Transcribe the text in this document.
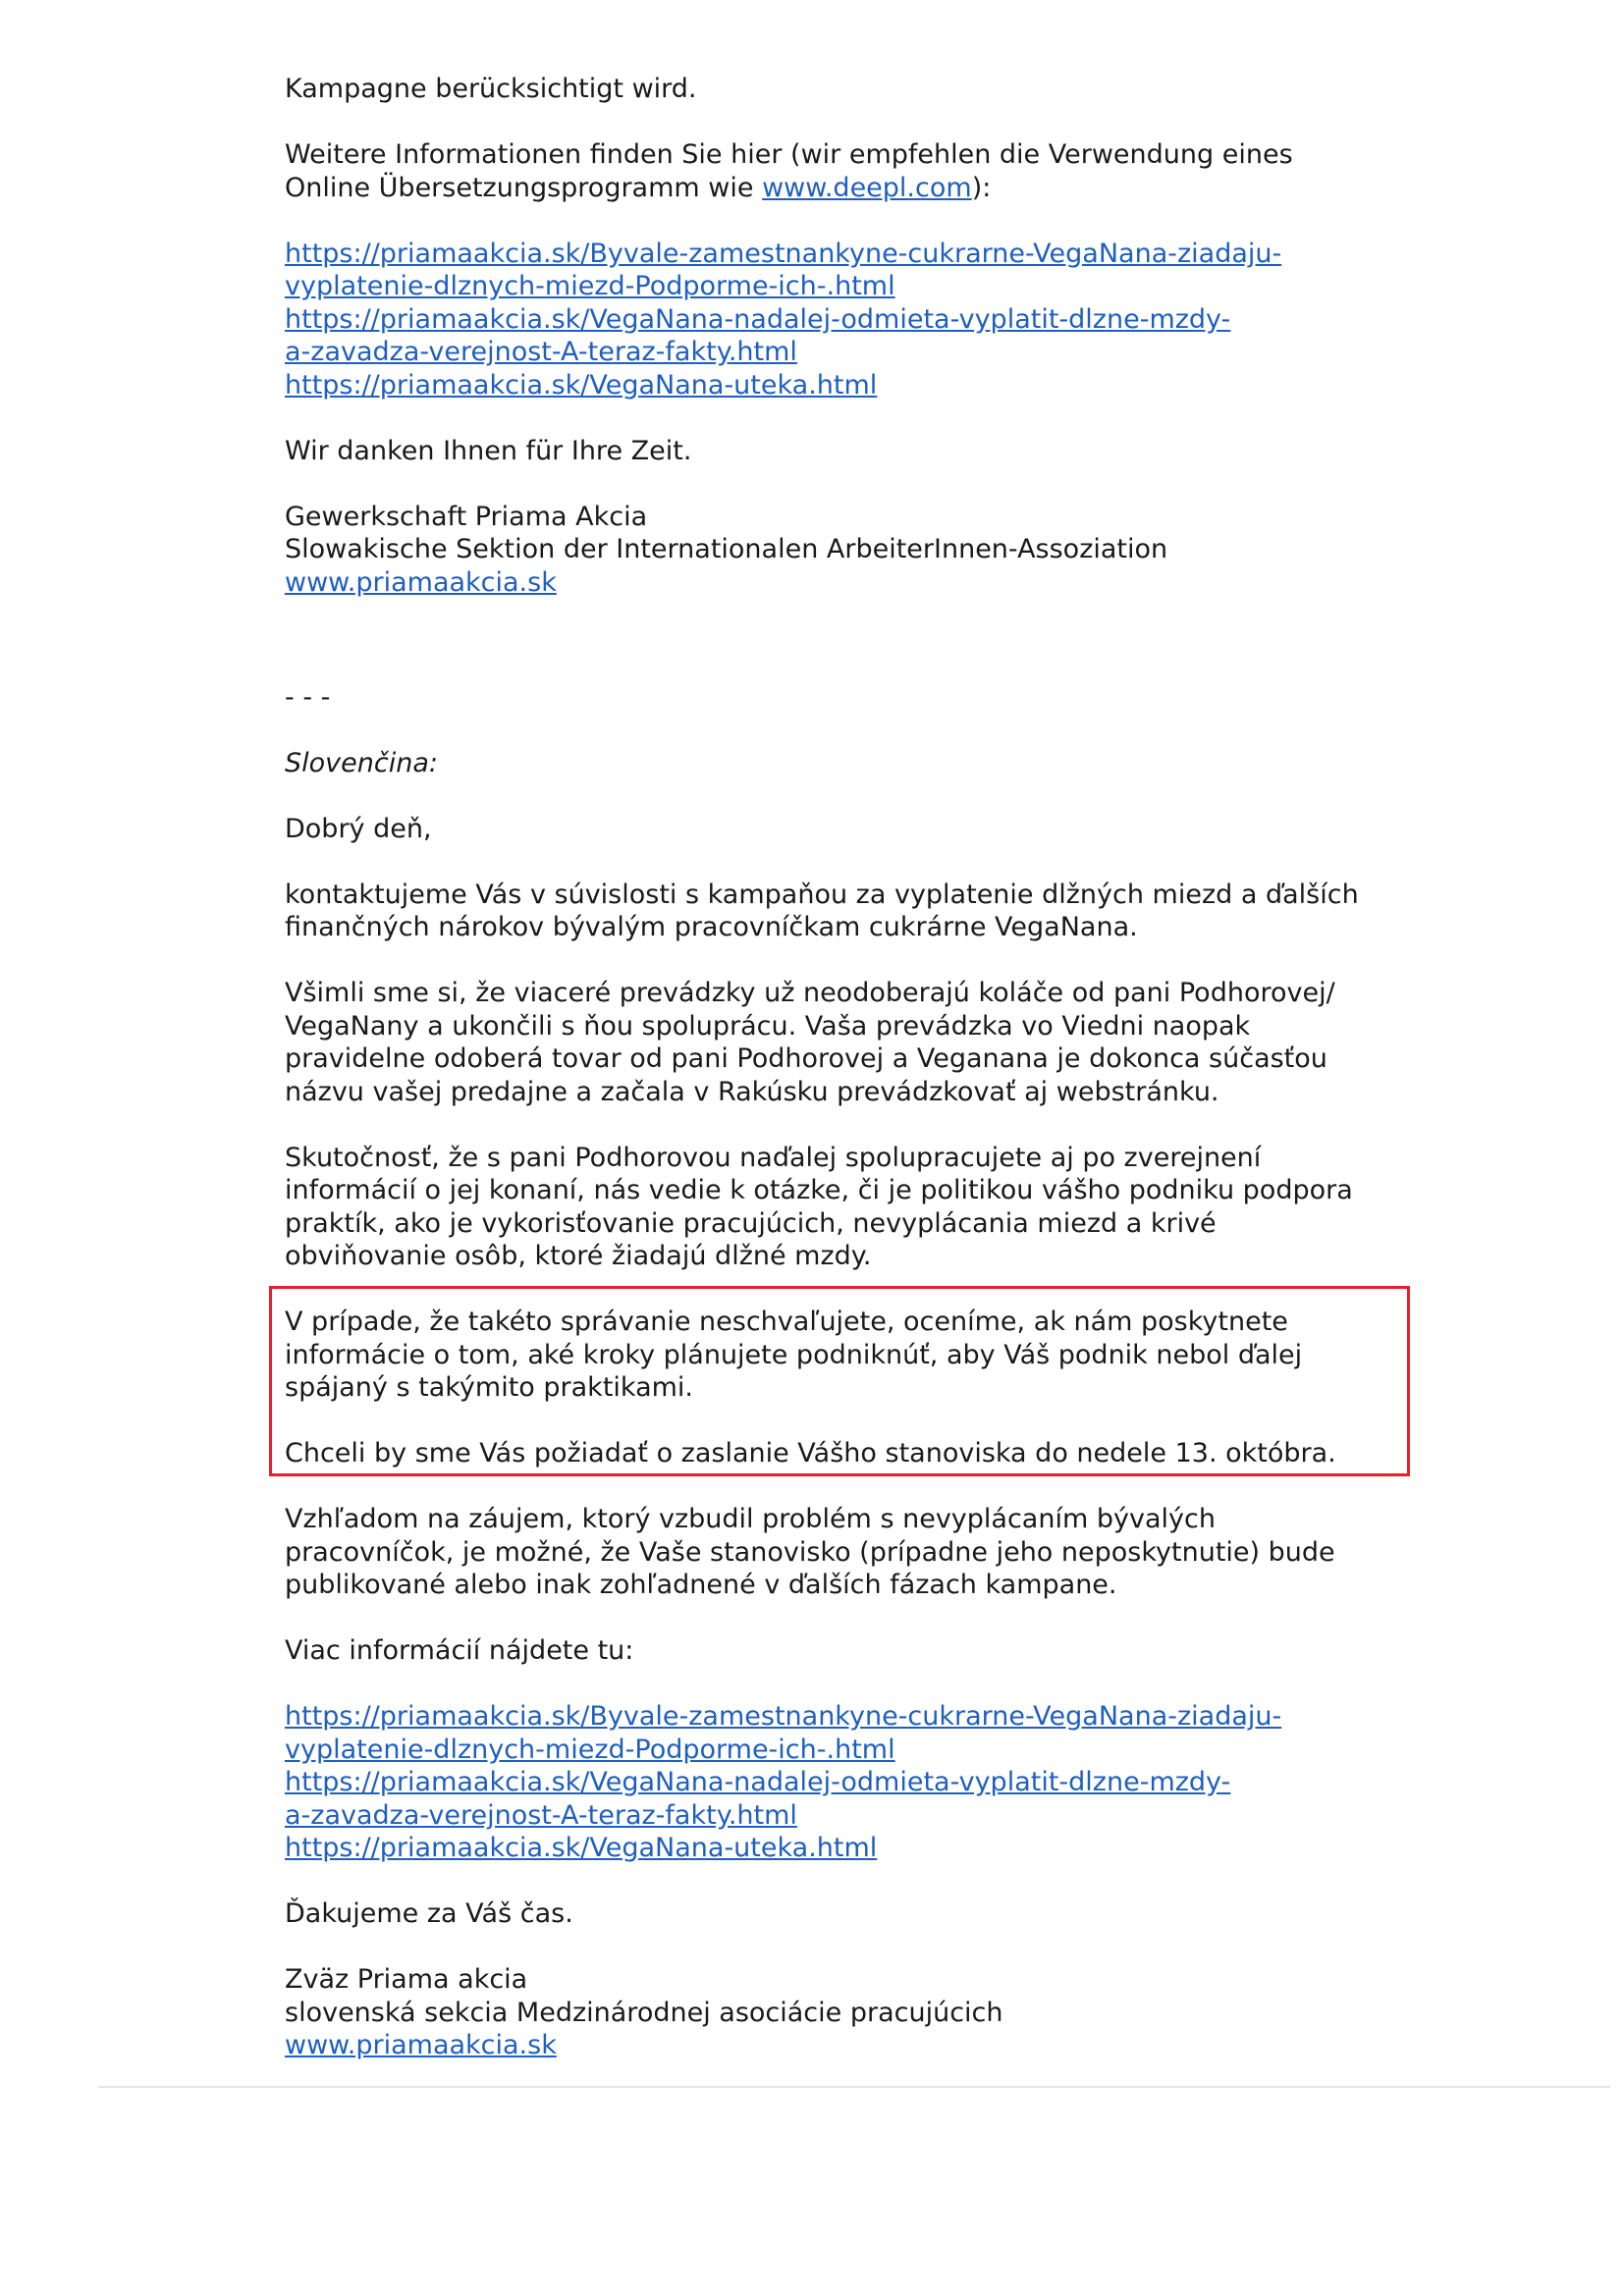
Kampagne berücksichtigt wird.
Weitere Informationen finden Sie hier (wir empfehlen die Verwendung eines
Online Übersetzungsprogramm wie www.deepl.com):
https://priamaakcia.sk/Byvale-zamestnankyne-cukrarne-VegaNana-ziadaju-
vyplatenie-dlznych-miezd-Podporme-ich-.html
https://priamaakcia.sk/VegaNana-nadalej-odmieta-vyplatit-dlzne-mzdy-
a-zavadza-verejnost-A-teraz-fakty.html
https://priamaakcia.sk/VegaNana-uteka.html
Wir danken Ihnen für Ihre Zeit.
Gewerkschaft Priama Akcia
Slowakische Sektion der Internationalen ArbeiterInnen-Assoziation
www.priamaakcia.sk
- - -
Slovenčina:
Dobrý deň,
kontaktujeme Vás v súvislosti s kampaňou za vyplatenie dlžných miezd a ďalších
finančných nárokov bývalým pracovníčkam cukrárne VegaNana.
Všimli sme si, že viaceré prevádzky už neodoberajú koláče od pani Podhorovej/
VegaNany a ukončili s ňou spoluprácu. Vaša prevádzka vo Viedni naopak
pravidelne odoberá tovar od pani Podhorovej a Veganana je dokonca súčasťou
názvu vašej predajne a začala v Rakúsku prevádzkovať aj webstránku.
Skutočnosť, že s pani Podhorovou naďalej spolupracujete aj po zverejnení
informácií o jej konaní, nás vedie k otázke, či je politikou vášho podniku podpora
praktík, ako je vykorisťovanie pracujúcich, nevyplácania miezd a krivé
obviňovanie osôb, ktoré žiadajú dlžné mzdy.
V prípade, že takéto správanie neschvaľujete, oceníme, ak nám poskytnete
informácie o tom, aké kroky plánujete podniknúť, aby Váš podnik nebol ďalej
spájaný s takýmito praktikami.
Chceli by sme Vás požiadať o zaslanie Vášho stanoviska do nedele 13. októbra.
Vzhľadom na záujem, ktorý vzbudil problém s nevyplácaním bývalých
pracovníčok, je možné, že Vaše stanovisko (prípadne jeho neposkytnutie) bude
publikované alebo inak zohľadnené v ďalších fázach kampane.
Viac informácií nájdete tu:
https://priamaakcia.sk/Byvale-zamestnankyne-cukrarne-VegaNana-ziadaju-
vyplatenie-dlznych-miezd-Podporme-ich-.html
https://priamaakcia.sk/VegaNana-nadalej-odmieta-vyplatit-dlzne-mzdy-
a-zavadza-verejnost-A-teraz-fakty.html
https://priamaakcia.sk/VegaNana-uteka.html
Ďakujeme za Váš čas.
Zväz Priama akcia
slovenská sekcia Medzinárodnej asociácie pracujúcich
www.priamaakcia.sk
